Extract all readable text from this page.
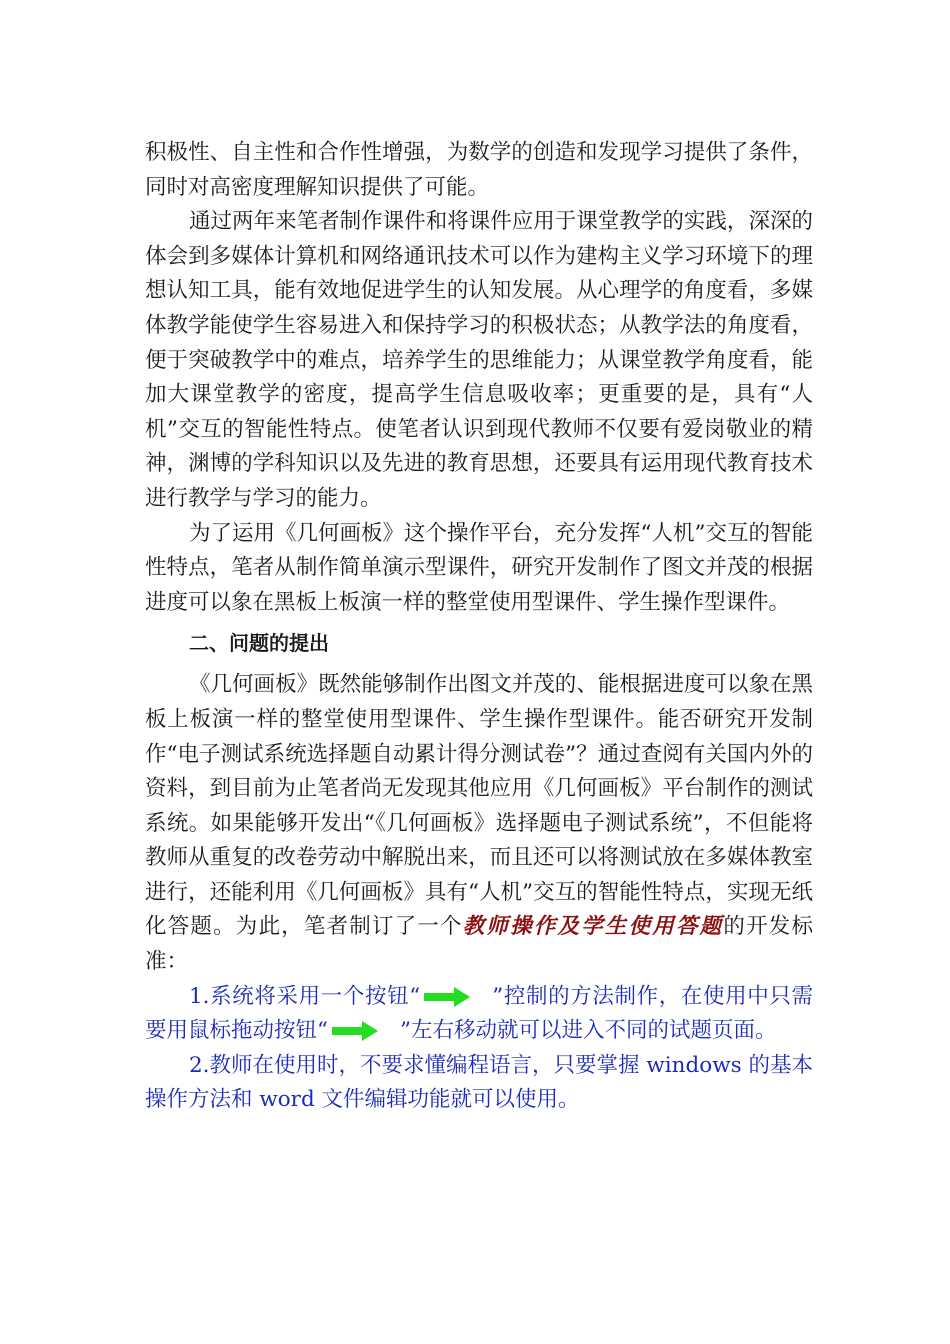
积极性、自主性和合作性增强，为数学的创造和发现学习提供了条件，同时对高密度理解知识提供了可能。

通过两年来笔者制作课件和将课件应用于课堂教学的实践，深深的体会到多媒体计算机和网络通讯技术可以作为建构主义学习环境下的理想认知工具，能有效地促进学生的认知发展。从心理学的角度看，多媒体教学能使学生容易进入和保持学习的积极状态；从教学法的角度看，便于突破教学中的难点，培养学生的思维能力；从课堂教学角度看，能加大课堂教学的密度，提高学生信息吸收率；更重要的是，具有“人机”交互的智能性特点。使笔者认识到现代教师不仅要有爱岗敬业的精神，渊博的学科知识以及先进的教育思想，还要具有运用现代教育技术进行教学与学习的能力。

为了运用《几何画板》这个操作平台，充分发挥“人机”交互的智能性特点，笔者从制作简单演示型课件，研究开发制作了图文并茂的根据进度可以象在黑板上板演一样的整堂使用型课件、学生操作型课件。

二、问题的提出

《几何画板》既然能够制作出图文并茂的、能根据进度可以象在黑板上板演一样的整堂使用型课件、学生操作型课件。能否研究开发制作“电子测试系统选择题自动累计得分测试卷”？通过查阅有关国内外的资料，到目前为止笔者尚无发现其他应用《几何画板》平台制作的测试系统。如果能够开发出“《几何画板》选择题电子测试系统”，不但能将教师从重复的改卷劳动中解脱出来，而且还可以将测试放在多媒体教室进行，还能利用《几何画板》具有“人机”交互的智能性特点，实现无纸化答题。为此，笔者制订了一个教师操作及学生使用答题的开发标准：

1.系统将采用一个按钮“	”控制的方法制作，在使用中只需要用鼠标拖动按钮“	”左右移动就可以进入不同的试题页面。

2.教师在使用时，不要求懂编程语言，只要掌握 windows 的基本操作方法和 word 文件编辑功能就可以使用。
